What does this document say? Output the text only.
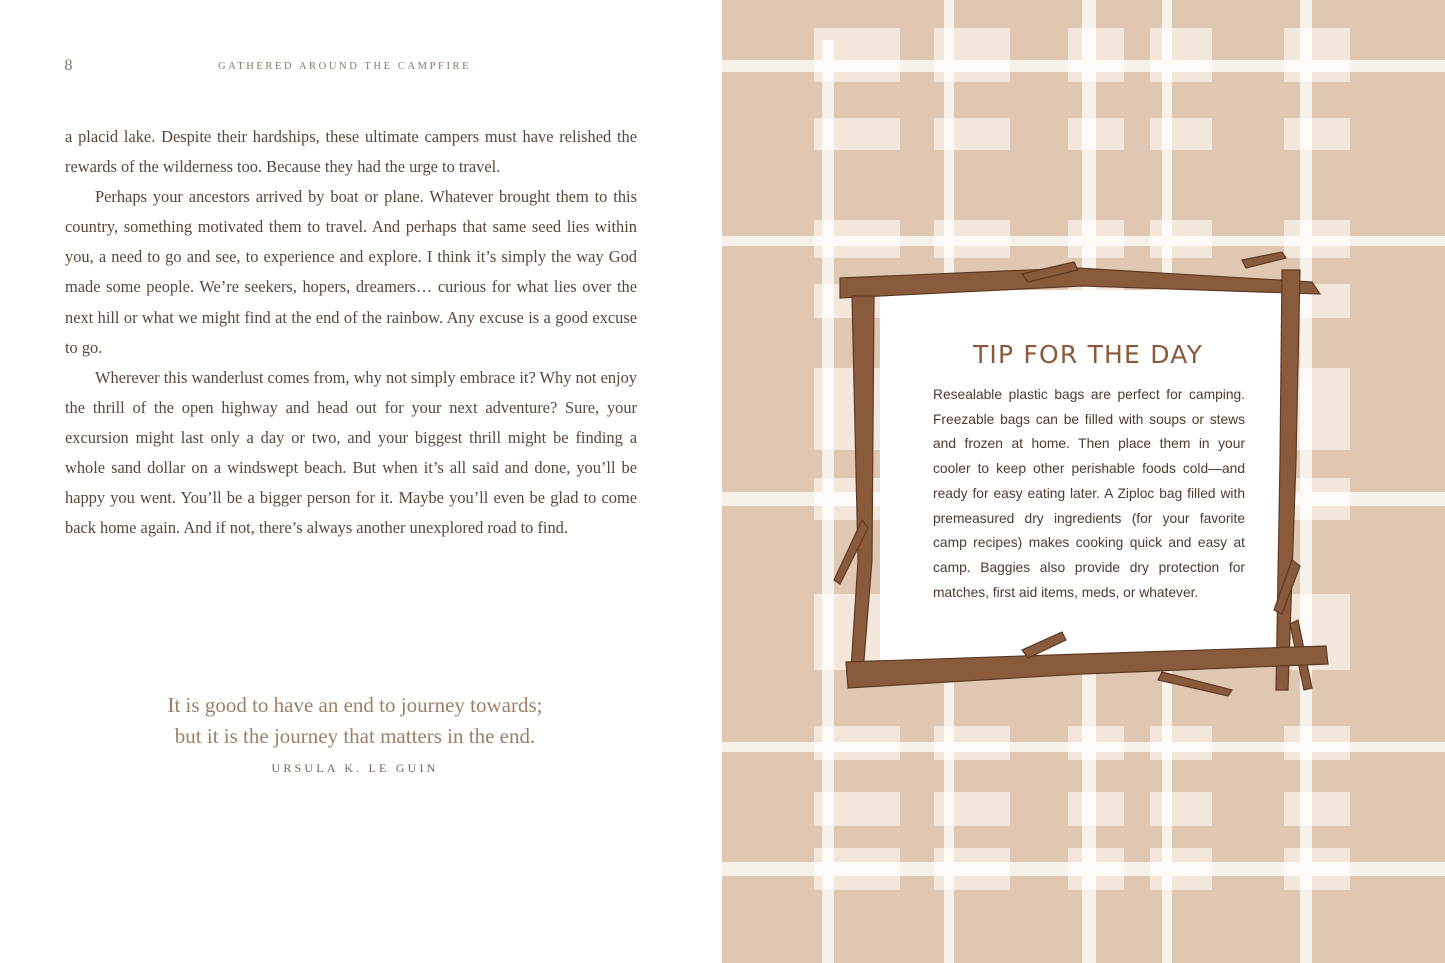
8	GATHERED AROUND THE CAMPFIRE

a placid lake. Despite their hardships, these ultimate campers must have relished the rewards of the wilderness too. Because they had the urge to travel.

Perhaps your ancestors arrived by boat or plane. Whatever brought them to this country, something motivated them to travel. And perhaps that same seed lies within you, a need to go and see, to experience and explore. I think it’s simply the way God made some people. We’re seekers, hopers, dreamers… curious for what lies over the next hill or what we might find at the end of the rainbow. Any excuse is a good excuse to go.

Wherever this wanderlust comes from, why not simply embrace it? Why not enjoy the thrill of the open highway and head out for your next adventure? Sure, your excursion might last only a day or two, and your biggest thrill might be finding a whole sand dollar on a windswept beach. But when it’s all said and done, you’ll be happy you went. You’ll be a bigger person for it. Maybe you’ll even be glad to come back home again. And if not, there’s always another unexplored road to find.

It is good to have an end to journey towards;
but it is the journey that matters in the end.
URSULA K. LE GUIN
TIP FOR THE DAY
Resealable plastic bags are perfect for camping. Freezable bags can be filled with soups or stews and frozen at home. Then place them in your cooler to keep other perishable foods cold—and ready for easy eating later. A Ziploc bag filled with premeasured dry ingredients (for your favorite camp recipes) makes cooking quick and easy at camp. Baggies also provide dry protection for matches, first aid items, meds, or whatever.
